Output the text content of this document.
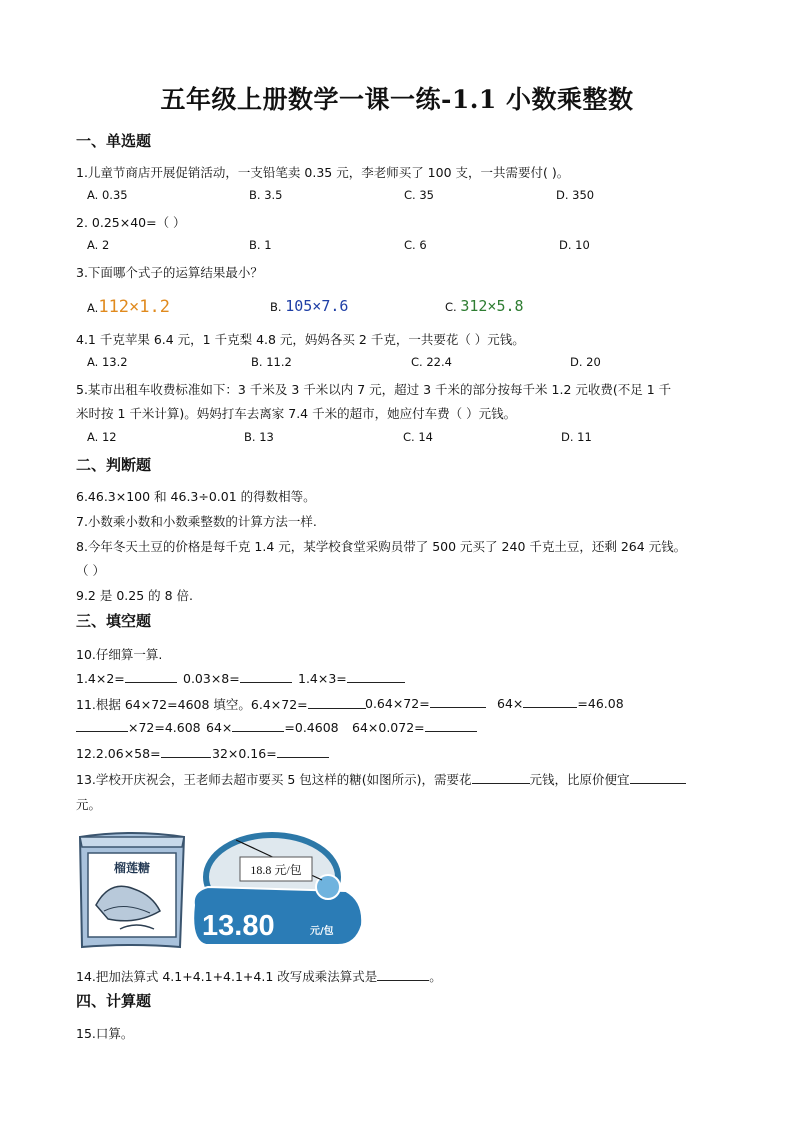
五年级上册数学一课一练-1.1 小数乘整数
一、单选题
1.儿童节商店开展促销活动，一支铅笔卖 0.35 元，李老师买了 100 支，一共需要付( )。
A. 0.35	B. 3.5	C. 35	D. 350
2. 0.25×40=（ ）
A. 2	B. 1	C. 6	D. 10
3.下面哪个式子的运算结果最小？
A.112×1.2	B. 105×7.6	C. 312×5.8
4.1 千克苹果 6.4 元，1 千克梨 4.8 元，妈妈各买 2 千克，一共要花（ ）元钱。
A. 13.2	B. 11.2	C. 22.4	D. 20
5.某市出租车收费标准如下：3 千米及 3 千米以内 7 元，超过 3 千米的部分按每千米 1.2 元收费(不足 1 千
米时按 1 千米计算)。妈妈打车去离家 7.4 千米的超市，她应付车费（ ）元钱。
A. 12	B. 13	C. 14	D. 11
二、判断题
6.46.3×100 和 46.3÷0.01 的得数相等。
7.小数乘小数和小数乘整数的计算方法一样.
8.今年冬天土豆的价格是每千克 1.4 元，某学校食堂采购员带了 500 元买了 240 千克土豆，还剩 264 元钱。
（ ）
9.2 是 0.25 的 8 倍.
三、填空题
10.仔细算一算.
1.4×2=	0.03×8=	1.4×3=
11.根据 64×72=4608 填空。6.4×72=	0.64×72=	64×	=46.08
×72=4.608 64×	=0.4608 64×0.072=
12.2.06×58=	32×0.16=
13.学校开庆祝会，王老师去超市要买 5 包这样的糖(如图所示)，需要花	元钱，比原价便宜
元。
榴莲糖	18.8 元/包
13.80	元/包
14.把加法算式 4.1+4.1+4.1+4.1 改写成乘法算式是	。
四、计算题
15.口算。
